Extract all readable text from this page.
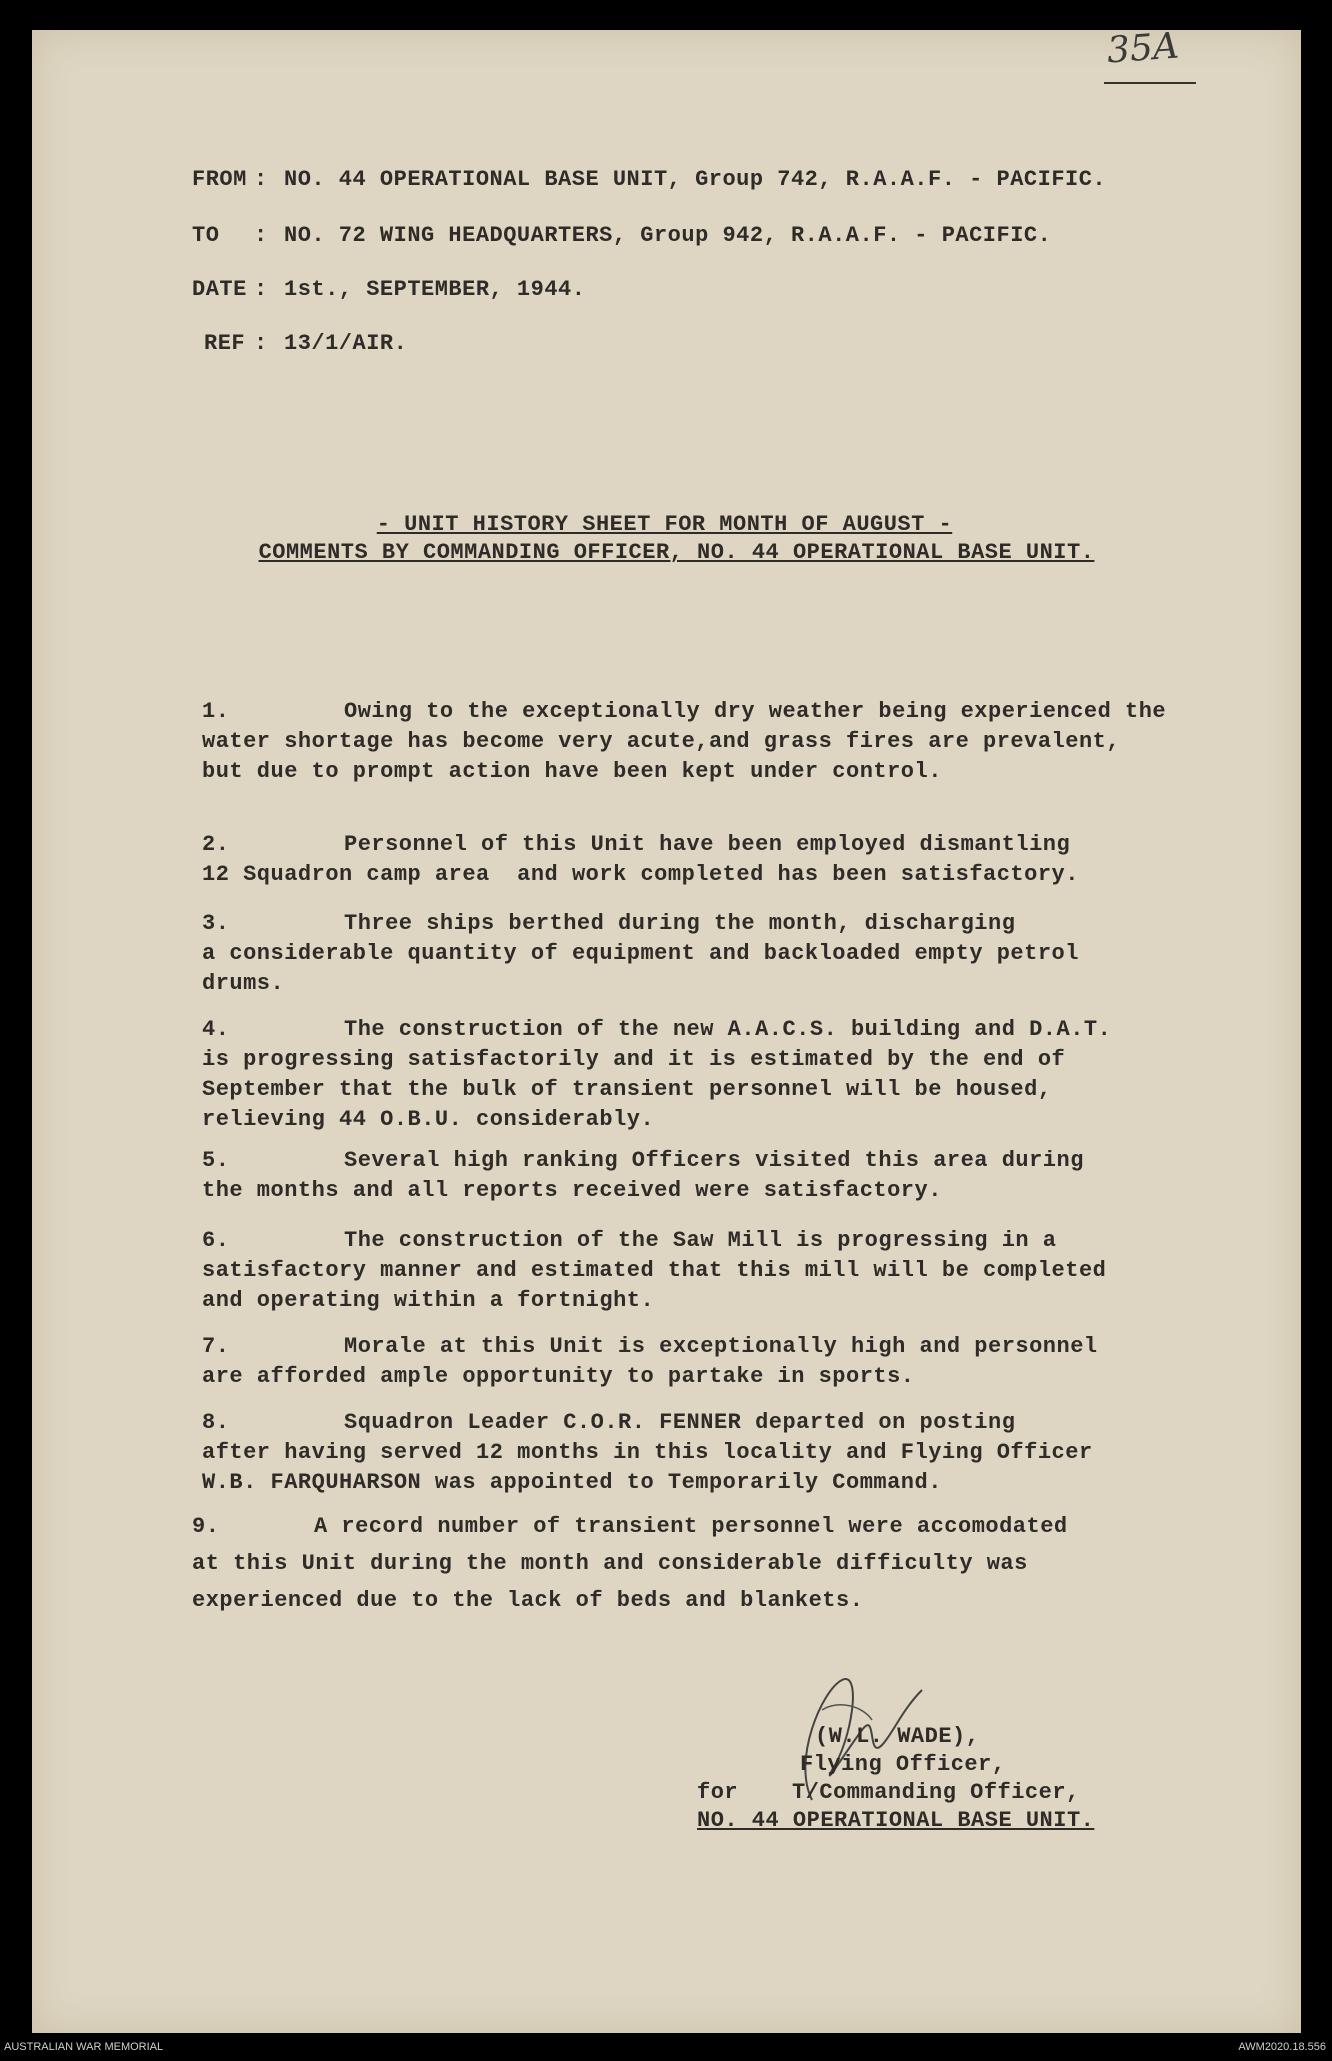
35A
FROM : NO. 44 OPERATIONAL BASE UNIT, Group 742, R.A.A.F. - PACIFIC.
TO : NO. 72 WING HEADQUARTERS, Group 942, R.A.A.F. - PACIFIC.
DATE : 1st., SEPTEMBER, 1944.
REF : 13/1/AIR.
- UNIT HISTORY SHEET FOR MONTH OF AUGUST -
COMMENTS BY COMMANDING OFFICER, NO. 44 OPERATIONAL BASE UNIT.
1.	Owing to the exceptionally dry weather being experienced the
water shortage has become very acute,and grass fires are prevalent,
but due to prompt action have been kept under control.
2.	Personnel of this Unit have been employed dismantling
12 Squadron camp area  and work completed has been satisfactory.
3.	Three ships berthed during the month, discharging
a considerable quantity of equipment and backloaded empty petrol
drums.
4.	The construction of the new A.A.C.S. building and D.A.T.
is progressing satisfactorily and it is estimated by the end of
September that the bulk of transient personnel will be housed,
relieving 44 O.B.U. considerably.
5.	Several high ranking Officers visited this area during
the months and all reports received were satisfactory.
6.	The construction of the Saw Mill is progressing in a
satisfactory manner and estimated that this mill will be completed
and operating within a fortnight.
7.	Morale at this Unit is exceptionally high and personnel
are afforded ample opportunity to partake in sports.
8.	Squadron Leader C.O.R. FENNER departed on posting
after having served 12 months in this locality and Flying Officer
W.B. FARQUHARSON was appointed to Temporarily Command.
9.	A record number of transient personnel were accomodated
at this Unit during the month and considerable difficulty was
experienced due to the lack of beds and blankets.
(W.L. WADE),
Flying Officer,
for T/Commanding Officer,
NO. 44 OPERATIONAL BASE UNIT.
AUSTRALIAN WAR MEMORIAL	AWM2020.18.556
